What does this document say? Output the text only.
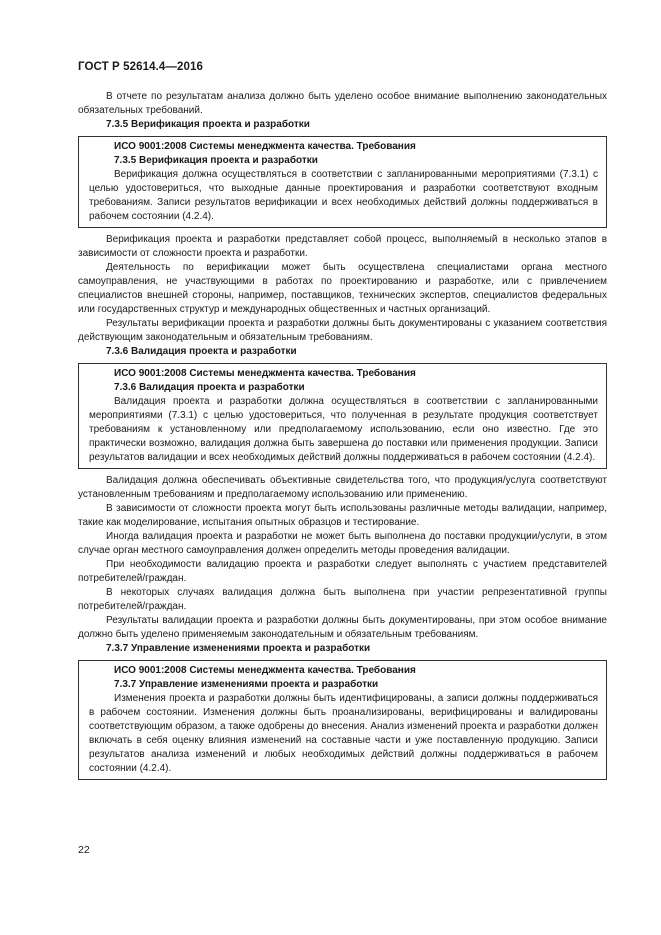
ГОСТ Р 52614.4—2016

В отчете по результатам анализа должно быть уделено особое внимание выполнению законодательных обязательных требований.

7.3.5 Верификация проекта и разработки
ИСО 9001:2008 Системы менеджмента качества. Требования
7.3.5 Верификация проекта и разработки

Верификация должна осуществляться в соответствии с запланированными мероприятиями (7.3.1) с целью удостовериться, что выходные данные проектирования и разработки соответствуют входным требованиям. Записи результатов верификации и всех необходимых действий должны поддерживаться в рабочем состоянии (4.2.4).

Верификация проекта и разработки представляет собой процесс, выполняемый в несколько этапов в зависимости от сложности проекта и разработки.

Деятельность по верификации может быть осуществлена специалистами органа местного самоуправления, не участвующими в работах по проектированию и разработке, или с привлечением специалистов внешней стороны, например, поставщиков, технических экспертов, специалистов федеральных или государственных структур и международных общественных и частных организаций.

Результаты верификации проекта и разработки должны быть документированы с указанием соответствия действующим законодательным и обязательным требованиям.

7.3.6 Валидация проекта и разработки
ИСО 9001:2008 Системы менеджмента качества. Требования
7.3.6 Валидация проекта и разработки

Валидация проекта и разработки должна осуществляться в соответствии с запланированными мероприятиями (7.3.1) с целью удостовериться, что полученная в результате продукция соответствует требованиям к установленному или предполагаемому использованию, если оно известно. Где это практически возможно, валидация должна быть завершена до поставки или применения продукции. Записи результатов валидации и всех необходимых действий должны поддерживаться в рабочем состоянии (4.2.4).

Валидация должна обеспечивать объективные свидетельства того, что продукция/услуга соответствуют установленным требованиям и предполагаемому использованию или применению.

В зависимости от сложности проекта могут быть использованы различные методы валидации, например, такие как моделирование, испытания опытных образцов и тестирование.

Иногда валидация проекта и разработки не может быть выполнена до поставки продукции/услуги, в этом случае орган местного самоуправления должен определить методы проведения валидации.

При необходимости валидацию проекта и разработки следует выполнять с участием представителей потребителей/граждан.

В некоторых случаях валидация должна быть выполнена при участии репрезентативной группы потребителей/граждан.

Результаты валидации проекта и разработки должны быть документированы, при этом особое внимание должно быть уделено применяемым законодательным и обязательным требованиям.

7.3.7 Управление изменениями проекта и разработки
ИСО 9001:2008 Системы менеджмента качества. Требования
7.3.7 Управление изменениями проекта и разработки

Изменения проекта и разработки должны быть идентифицированы, а записи должны поддерживаться в рабочем состоянии. Изменения должны быть проанализированы, верифицированы и валидированы соответствующим образом, а также одобрены до внесения. Анализ изменений проекта и разработки должен включать в себя оценку влияния изменений на составные части и уже поставленную продукцию. Записи результатов анализа изменений и любых необходимых действий должны поддерживаться в рабочем состоянии (4.2.4).

22
